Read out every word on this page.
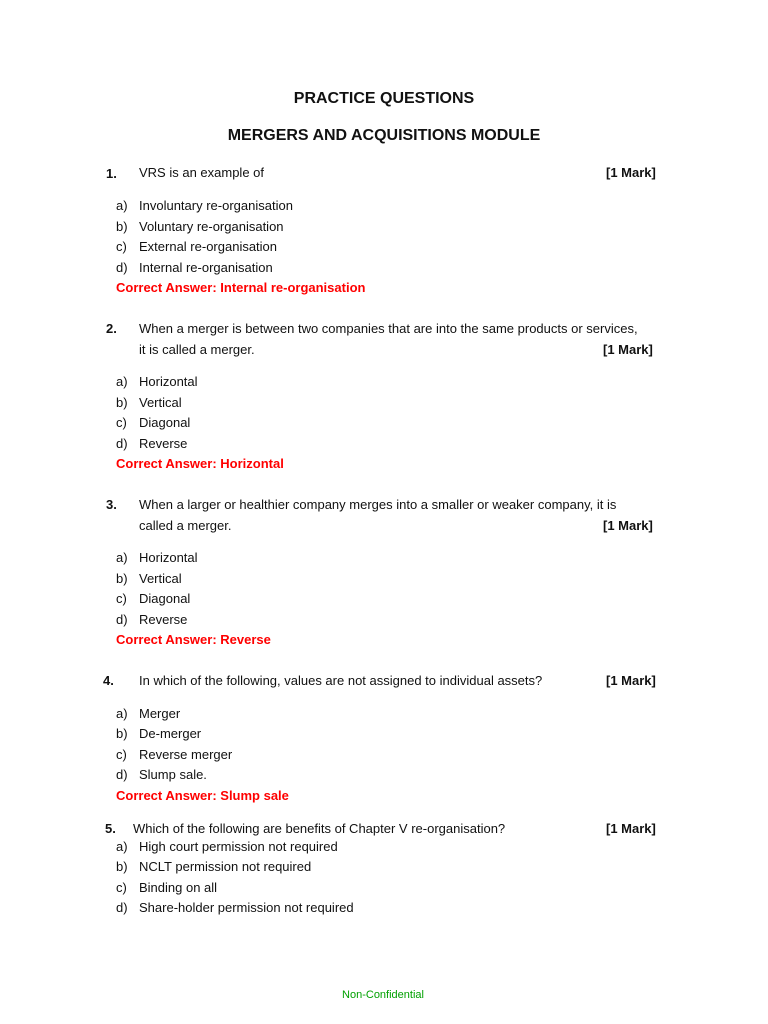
PRACTICE QUESTIONS
MERGERS AND ACQUISITIONS MODULE
1. VRS is an example of	[1 Mark]
a) Involuntary re-organisation
b) Voluntary re-organisation
c) External re-organisation
d) Internal re-organisation
Correct Answer: Internal re-organisation
2. When a merger is between two companies that are into the same products or services,
it is called a merger.	[1 Mark]
a) Horizontal
b) Vertical
c) Diagonal
d) Reverse
Correct Answer: Horizontal
3. When a larger or healthier company merges into a smaller or weaker company, it is
called a merger.	[1 Mark]
a) Horizontal
b) Vertical
c) Diagonal
d) Reverse
Correct Answer: Reverse
4. In which of the following, values are not assigned to individual assets?	[1 Mark]
a) Merger
b) De-merger
c) Reverse merger
d) Slump sale.
Correct Answer: Slump sale
5. Which of the following are benefits of Chapter V re-organisation?	[1 Mark]
a) High court permission not required
b) NCLT permission not required
c) Binding on all
d) Share-holder permission not required
Non-Confidential
